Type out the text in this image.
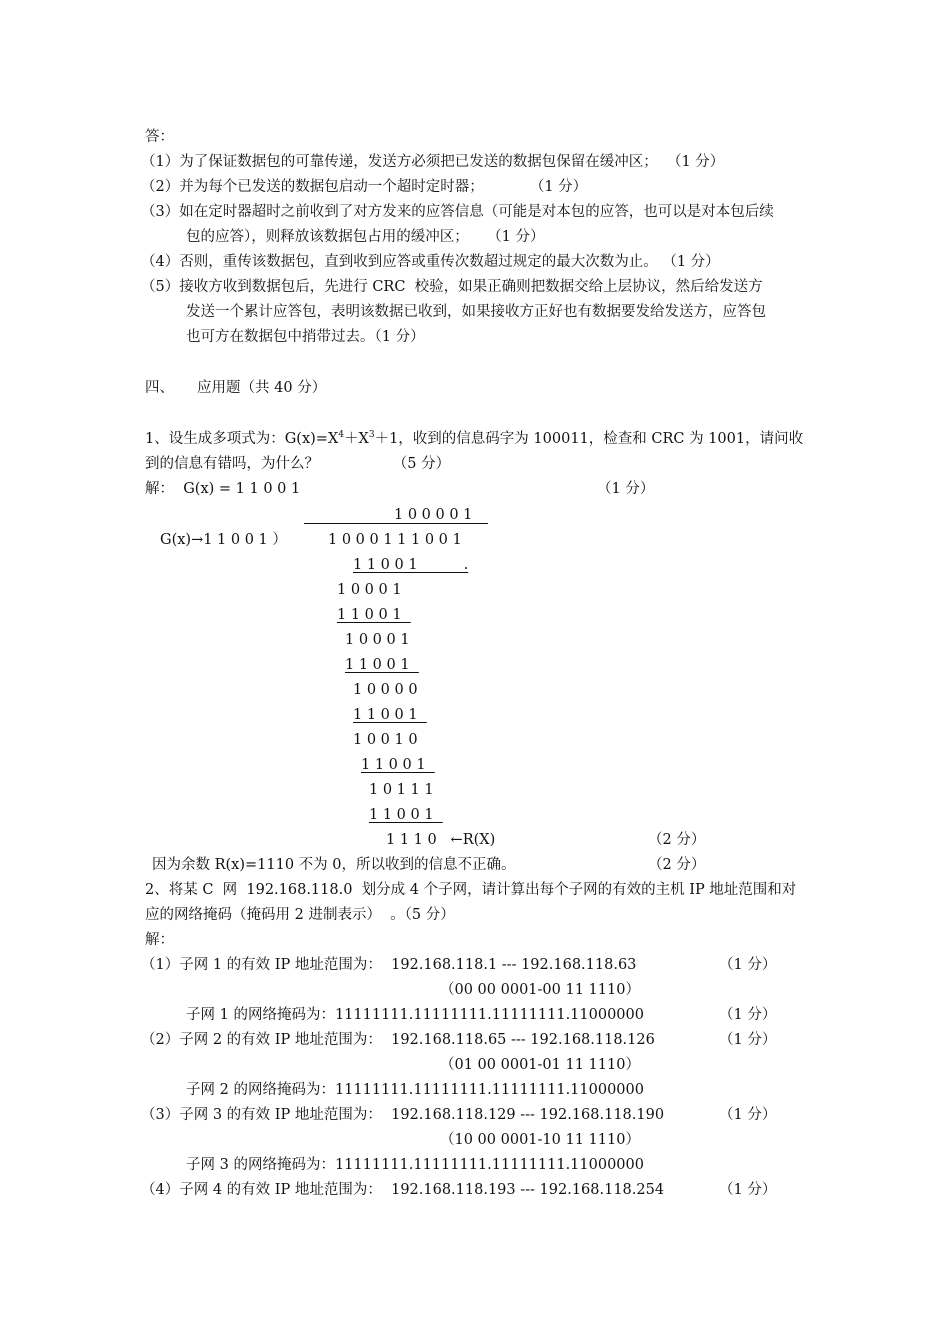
答：
（1）为了保证数据包的可靠传递，发送方必须把已发送的数据包保留在缓冲区；  （1 分）
（2）并为每个已发送的数据包启动一个超时定时器；          （1 分）
（3）如在定时器超时之前收到了对方发来的应答信息（可能是对本包的应答，也可以是对本包后续
包的应答），则释放该数据包占用的缓冲区；    （1 分）
（4）否则，重传该数据包，直到收到应答或重传次数超过规定的最大次数为止。 （1 分）
（5）接收方收到数据包后，先进行 CRC  校验，如果正确则把数据交给上层协议，然后给发送方
发送一个累计应答包，表明该数据已收到，如果接收方正好也有数据要发给发送方，应答包
也可方在数据包中捎带过去。（1 分）
四、     应用题（共 40 分）
1、设生成多项式为：$G(x)=X^4+X^3+1$，收到的信息码字为 100011，检查和 CRC 为 1001，请问收
到的信息有错吗，为什么？                （5 分）
解：  G(x) = 1 1 0 0 1	（1 分）
1 0 0 0 0 1
G(x)→1 1 0 0 1 ）	1 0 0 0 1 1 1 0 0 1
1 1 0 0 1          .
1 0 0 0 1
1 1 0 0 1
1 0 0 0 1
1 1 0 0 1
1 0 0 0 0
1 1 0 0 1
1 0 0 1 0
1 1 0 0 1
1 0 1 1 1
1 1 0 0 1
1 1 1 0   ←R(X)	（2 分）
因为余数 R(x)=1110 不为 0，所以收到的信息不正确。	（2 分）
2、将某 C  网  192.168.118.0  划分成 4 个子网，请计算出每个子网的有效的主机 IP 地址范围和对
应的网络掩码（掩码用 2 进制表示）  。（5 分）
解：
（1）子网 1 的有效 IP 地址范围为：  192.168.118.1 --- 192.168.118.63	（1 分）
（00 00 0001-00 11 1110）
子网 1 的网络掩码为：11111111.11111111.11111111.11000000	（1 分）
（2）子网 2 的有效 IP 地址范围为：  192.168.118.65 --- 192.168.118.126	（1 分）
（01 00 0001-01 11 1110）
子网 2 的网络掩码为：11111111.11111111.11111111.11000000
（3）子网 3 的有效 IP 地址范围为：  192.168.118.129 --- 192.168.118.190	（1 分）
（10 00 0001-10 11 1110）
子网 3 的网络掩码为：11111111.11111111.11111111.11000000
（4）子网 4 的有效 IP 地址范围为：  192.168.118.193 --- 192.168.118.254	（1 分）
